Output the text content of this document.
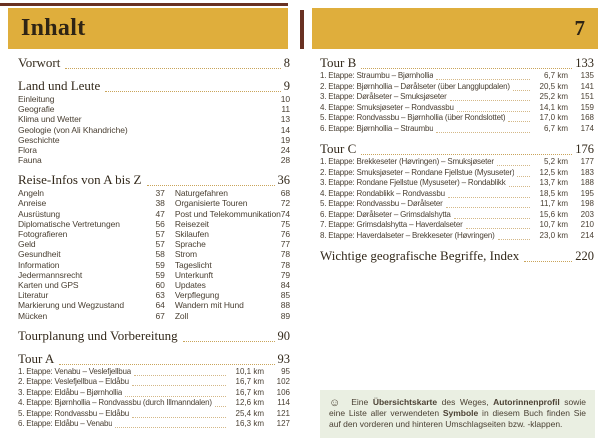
Inhalt
Vorwort	8
Land und Leute	9
Einleitung	10
Geografie	11
Klima und Wetter	13
Geologie (von Ali Khandriche)	14
Geschichte	19
Flora	24
Fauna	28
Reise-Infos von A bis Z	36
Angeln	37
Anreise	38
Ausrüstung	47
Diplomatische Vertretungen	56
Fotografieren	57
Geld	57
Gesundheit	58
Information	59
Jedermannsrecht	59
Karten und GPS	60
Literatur	63
Markierung und Wegzustand	64
Mücken	67
Naturgefahren	68
Organisierte Touren	72
Post und Telekommunikation 74
Reisezeit	75
Skilaufen	76
Sprache	77
Strom	78
Tageslicht	78
Unterkunft	79
Updates	84
Verpflegung	85
Wandern mit Hund	88
Zoll	89
Tourplanung und Vorbereitung	90
Tour A	93
1. Etappe: Venabu – Veslefjellbua	10,1 km	95
2. Etappe: Veslefjellbua – Eldåbu	16,7 km	102
3. Etappe: Eldåbu – Bjørnhollia	16,7 km	106
4. Etappe: Bjørnhollia – Rondvassbu (durch Illmanndalen)	12,6 km	114
5. Etappe: Rondvassbu – Eldåbu	25,4 km	121
6. Etappe: Eldåbu – Venabu	16,3 km	127
7
Tour B	133
1. Etappe: Straumbu – Bjørnhollia	6,7 km	135
2. Etappe: Bjørnhollia – Dørålseter (über Langglupdalen)	20,5 km	141
3. Etappe: Dørålseter – Smuksjøseter	25,2 km	151
4. Etappe: Smuksjøseter – Rondvassbu	14,1 km	159
5. Etappe: Rondvassbu – Bjørnhollia (über Rondslottet)	17,0 km	168
6. Etappe: Bjørnhollia – Straumbu	6,7 km	174
Tour C	176
1. Etappe: Brekkeseter (Høvringen) – Smuksjøseter	5,2 km	177
2. Etappe: Smuksjøseter – Rondane Fjellstue (Mysuseter)	12,5 km	183
3. Etappe: Rondane Fjellstue (Mysuseter) – Rondablikk	13,7 km	188
4. Etappe: Rondablikk – Rondvassbu	18,5 km	195
5. Etappe: Rondvassbu – Dørålseter	11,7 km	198
6. Etappe: Dørålseter – Grimsdalshytta	15,6 km	203
7. Etappe: Grimsdalshytta – Haverdalseter	10,7 km	210
8. Etappe: Haverdalseter – Brekkeseter (Høvringen)	23,0 km	214
Wichtige geografische Begriffe, Index	220
☺ Eine Übersichtskarte des Weges, Autorinnenprofil sowie eine Liste aller verwendeten Symbole in diesem Buch finden Sie auf den vorderen und hinteren Umschlagseiten bzw. -klappen.
